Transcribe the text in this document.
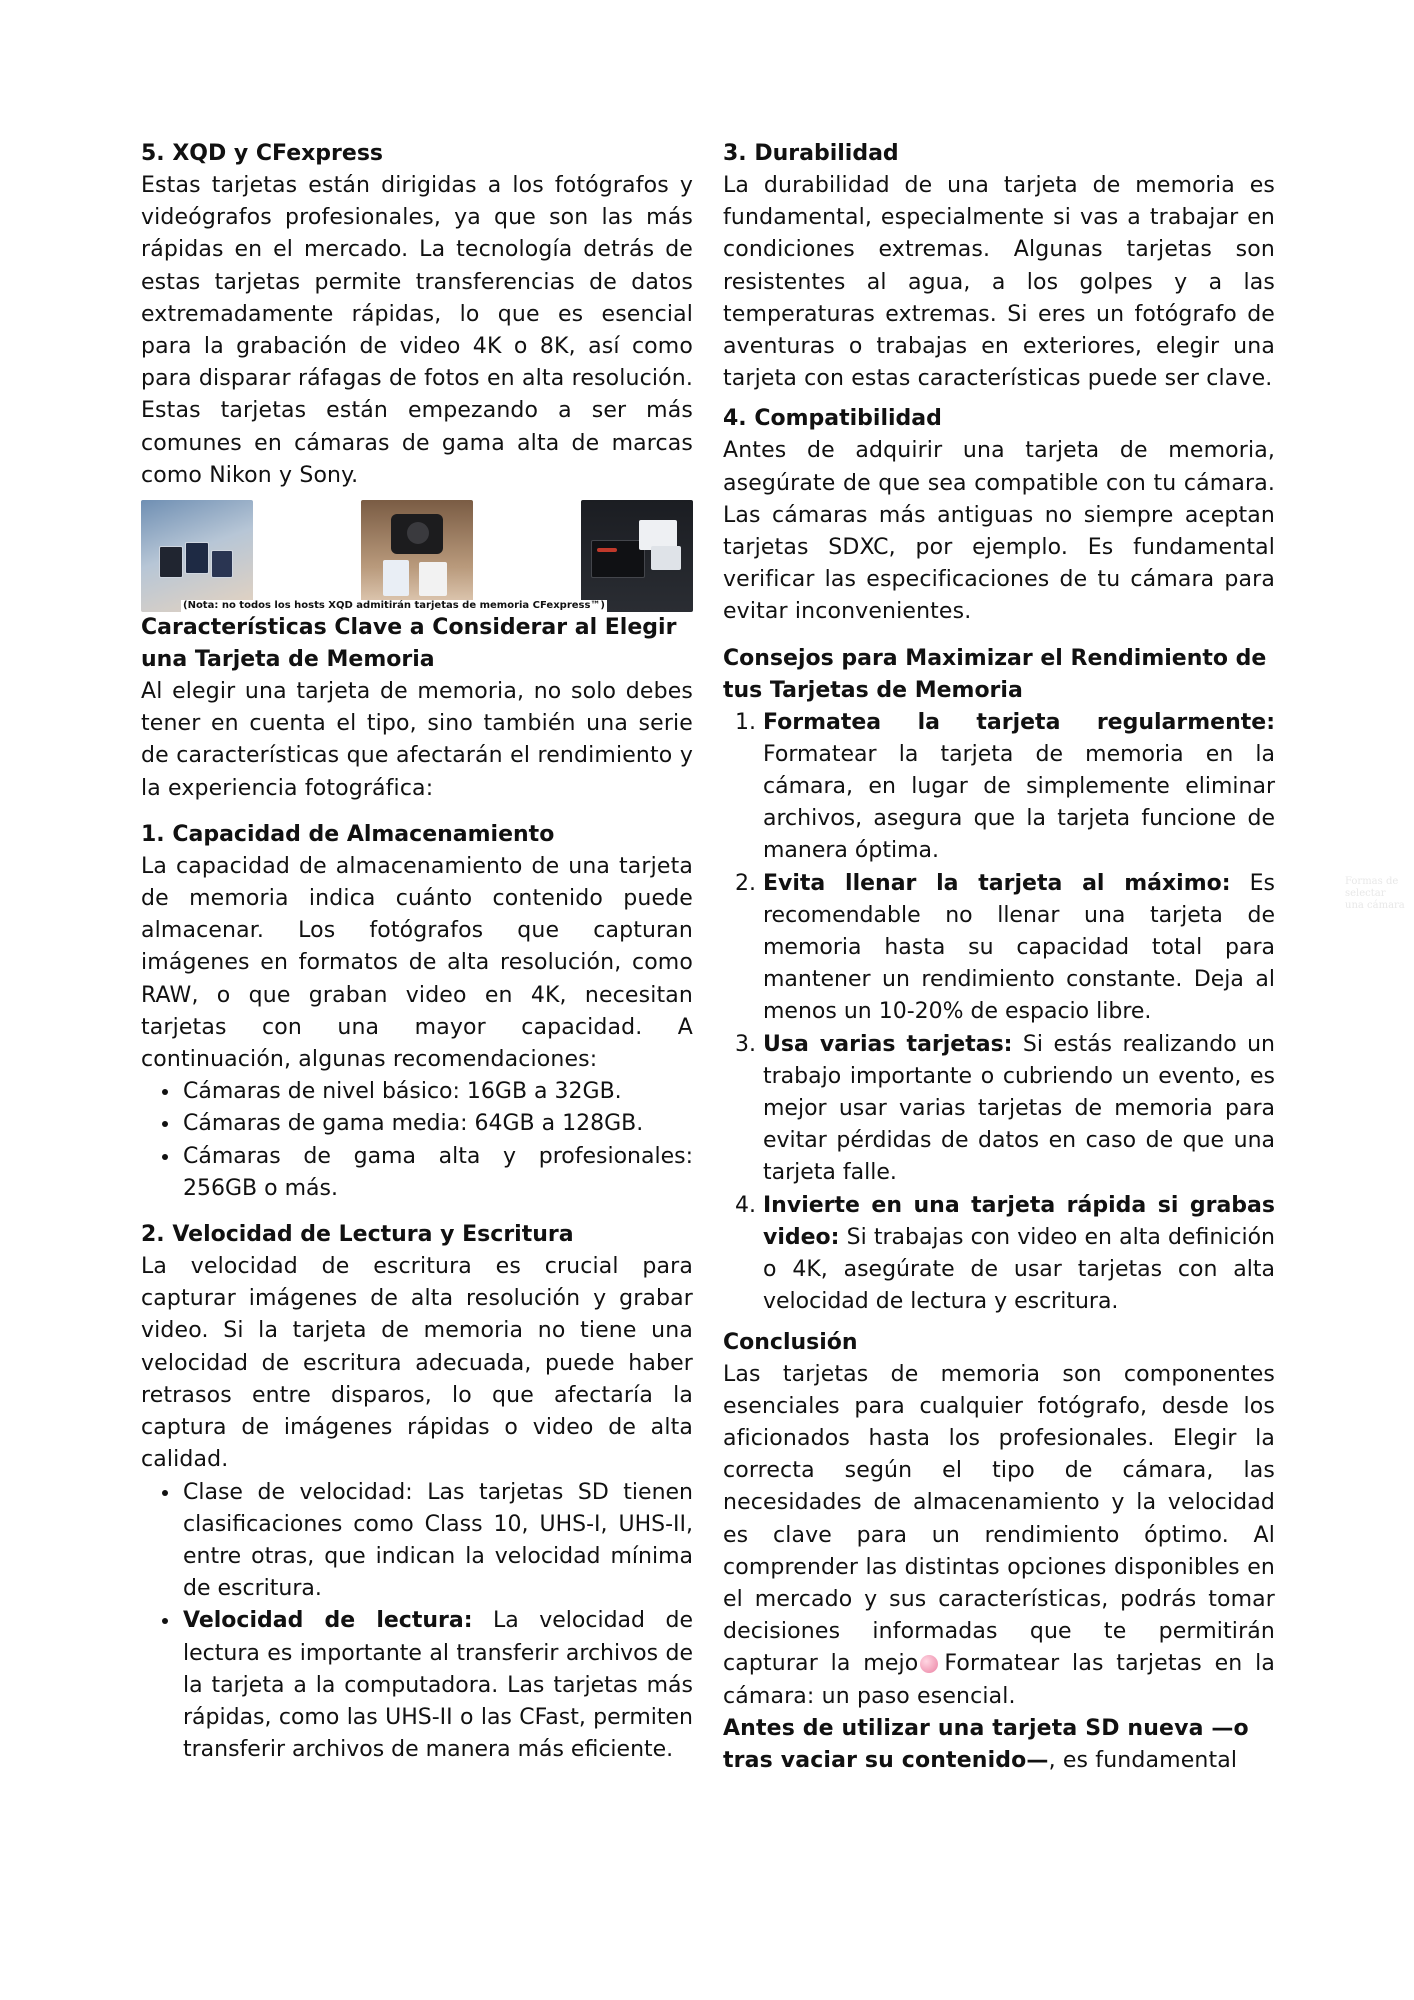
5. XQD y CFexpress

Estas tarjetas están dirigidas a los fotógrafos y videógrafos profesionales, ya que son las más rápidas en el mercado. La tecnología detrás de estas tarjetas permite transferencias de datos extremadamente rápidas, lo que es esencial para la grabación de video 4K o 8K, así como para disparar ráfagas de fotos en alta resolución. Estas tarjetas están empezando a ser más comunes en cámaras de gama alta de marcas como Nikon y Sony.

(Nota: no todos los hosts XQD admitirán tarjetas de memoria CFexpress™)
Características Clave a Considerar al Elegir una Tarjeta de Memoria

Al elegir una tarjeta de memoria, no solo debes tener en cuenta el tipo, sino también una serie de características que afectarán el rendimiento y la experiencia fotográfica:

1. Capacidad de Almacenamiento

La capacidad de almacenamiento de una tarjeta de memoria indica cuánto contenido puede almacenar. Los fotógrafos que capturan imágenes en formatos de alta resolución, como RAW, o que graban video en 4K, necesitan tarjetas con una mayor capacidad. A continuación, algunas recomendaciones:

• Cámaras de nivel básico: 16GB a 32GB.
• Cámaras de gama media: 64GB a 128GB.
• Cámaras de gama alta y profesionales: 256GB o más.
2. Velocidad de Lectura y Escritura

La velocidad de escritura es crucial para capturar imágenes de alta resolución y grabar video. Si la tarjeta de memoria no tiene una velocidad de escritura adecuada, puede haber retrasos entre disparos, lo que afectaría la captura de imágenes rápidas o video de alta calidad.

• Clase de velocidad: Las tarjetas SD tienen clasificaciones como Class 10, UHS-I, UHS-II, entre otras, que indican la velocidad mínima de escritura.
• Velocidad de lectura: La velocidad de lectura es importante al transferir archivos de la tarjeta a la computadora. Las tarjetas más rápidas, como las UHS-II o las CFast, permiten transferir archivos de manera más eficiente.
3. Durabilidad

La durabilidad de una tarjeta de memoria es fundamental, especialmente si vas a trabajar en condiciones extremas. Algunas tarjetas son resistentes al agua, a los golpes y a las temperaturas extremas. Si eres un fotógrafo de aventuras o trabajas en exteriores, elegir una tarjeta con estas características puede ser clave.

4. Compatibilidad

Antes de adquirir una tarjeta de memoria, asegúrate de que sea compatible con tu cámara. Las cámaras más antiguas no siempre aceptan tarjetas SDXC, por ejemplo. Es fundamental verificar las especificaciones de tu cámara para evitar inconvenientes.

Consejos para Maximizar el Rendimiento de tus Tarjetas de Memoria
1. Formatea la tarjeta regularmente: Formatear la tarjeta de memoria en la cámara, en lugar de simplemente eliminar archivos, asegura que la tarjeta funcione de manera óptima.
2. Evita llenar la tarjeta al máximo: Es recomendable no llenar una tarjeta de memoria hasta su capacidad total para mantener un rendimiento constante. Deja al menos un 10-20% de espacio libre.
3. Usa varias tarjetas: Si estás realizando un trabajo importante o cubriendo un evento, es mejor usar varias tarjetas de memoria para evitar pérdidas de datos en caso de que una tarjeta falle.
4. Invierte en una tarjeta rápida si grabas video: Si trabajas con video en alta definición o 4K, asegúrate de usar tarjetas con alta velocidad de lectura y escritura.
Conclusión

Las tarjetas de memoria son componentes esenciales para cualquier fotógrafo, desde los aficionados hasta los profesionales. Elegir la correcta según el tipo de cámara, las necesidades de almacenamiento y la velocidad es clave para un rendimiento óptimo. Al comprender las distintas opciones disponibles en el mercado y sus características, podrás tomar decisiones informadas que te permitirán capturar la mejo Formatear las tarjetas en la cámara: un paso esencial.

Antes de utilizar una tarjeta SD nueva —o tras vaciar su contenido—, es fundamental

Formas de selectar una cámara
